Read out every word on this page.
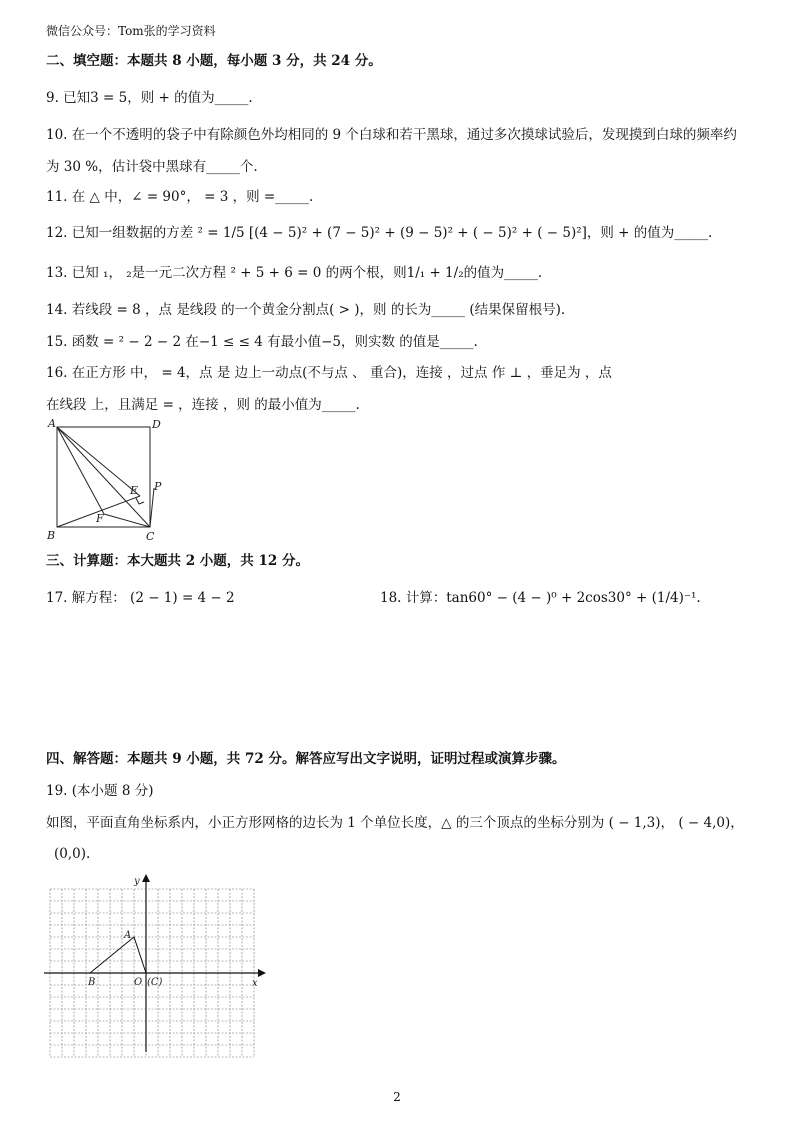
微信公众号：Tom张的学习资料
二、填空题：本题共 8 小题，每小题 3 分，共 24 分。
9. 已知3 = 5，则 + 的值为_____.
10. 在一个不透明的袋子中有除颜色外均相同的 9 个白球和若干黑球，通过多次摸球试验后，发现摸到白球的频率约
为 30 %，估计袋中黑球有_____个.
11. 在 △ 中，∠ = 90°， = 3 ，则 =_____.
12. 已知一组数据的方差 ² = 1/5 [(4 − 5)² + (7 − 5)² + (9 − 5)² + ( − 5)² + ( − 5)²]，则 + 的值为_____.
13. 已知 ₁， ₂是一元二次方程 ² + 5 + 6 = 0 的两个根，则1/₁ + 1/₂的值为_____.
14. 若线段 = 8 ，点 是线段 的一个黄金分割点( > )，则 的长为_____ (结果保留根号).
15. 函数 = ² − 2 − 2 在−1 ≤ ≤ 4 有最小值−5，则实数 的值是_____.
16. 在正方形 中， = 4，点 是 边上一动点(不与点 、 重合)，连接 ，过点 作 ⊥ ，垂足为 ，点
在线段 上，且满足 = ，连接 ，则 的最小值为_____.
A	D
E P
F
B	C
三、计算题：本大题共 2 小题，共 12 分。
17. 解方程： (2 − 1) = 4 − 2	18. 计算：tan60° − (4 − )⁰ + 2cos30° + (1/4)⁻¹.
四、解答题：本题共 9 小题，共 72 分。解答应写出文字说明，证明过程或演算步骤。
19. (本小题 8 分)
如图，平面直角坐标系内，小正方形网格的边长为 1 个单位长度，△ 的三个顶点的坐标分别为 ( − 1,3)， ( − 4,0)，
(0,0).
x
y
A
B	O (C)
2
